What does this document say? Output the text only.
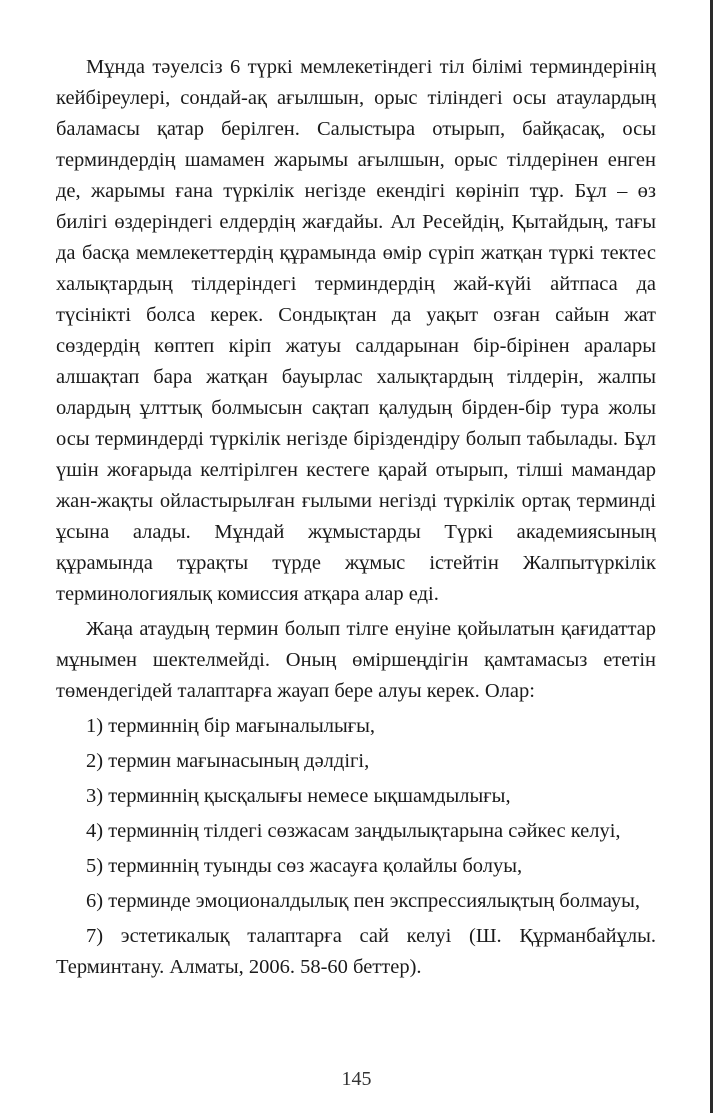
Мұнда тәуелсіз 6 түркі мемлекетіндегі тіл білімі терминдерінің кейбіреулері, сондай-ақ ағылшын, орыс тіліндегі осы атаулардың баламасы қатар берілген. Салыстыра отырып, байқасақ, осы терминдердің шамамен жарымы ағылшын, орыс тілдерінен енген де, жарымы ғана түркілік негізде екендігі көрініп тұр. Бұл – өз билігі өздеріндегі елдердің жағдайы. Ал Ресейдің, Қытайдың, тағы да басқа мемлекеттердің құрамында өмір сүріп жатқан түркі тектес халықтардың тілдеріндегі терминдердің жай-күйі айтпаса да түсінікті болса керек. Сондықтан да уақыт озған сайын жат сөздердің көптеп кіріп жатуы салдарынан бір-бірінен аралары алшақтап бара жатқан бауырлас халықтардың тілдерін, жалпы олардың ұлттық болмысын сақтап қалудың бірден-бір тура жолы осы терминдерді түркілік негізде біріздендіру болып табылады. Бұл үшін жоғарыда келтірілген кестеге қарай отырып, тілші мамандар жан-жақты ойластырылған ғылыми негізді түркілік ортақ терминді ұсына алады. Мұндай жұмыстарды Түркі академиясының құрамында тұрақты түрде жұмыс істейтін Жалпытүркілік терминологиялық комиссия атқара алар еді.

Жаңа атаудың термин болып тілге енуіне қойылатын қағидаттар мұнымен шектелмейді. Оның өміршеңдігін қамтамасыз ететін төмендегідей талаптарға жауап бере алуы керек. Олар:

1) терминнің бір мағыналылығы,
2) термин мағынасының дәлдігі,
3) терминнің қысқалығы немесе ықшамдылығы,
4) терминнің тілдегі сөзжасам заңдылықтарына сәйкес келуі,
5) терминнің туынды сөз жасауға қолайлы болуы,
6) терминде эмоционалдылық пен экспрессиялықтың болмауы,
7) эстетикалық талаптарға сай келуі (Ш. Құрманбайұлы. Терминтану. Алматы, 2006. 58-60 беттер).
145
